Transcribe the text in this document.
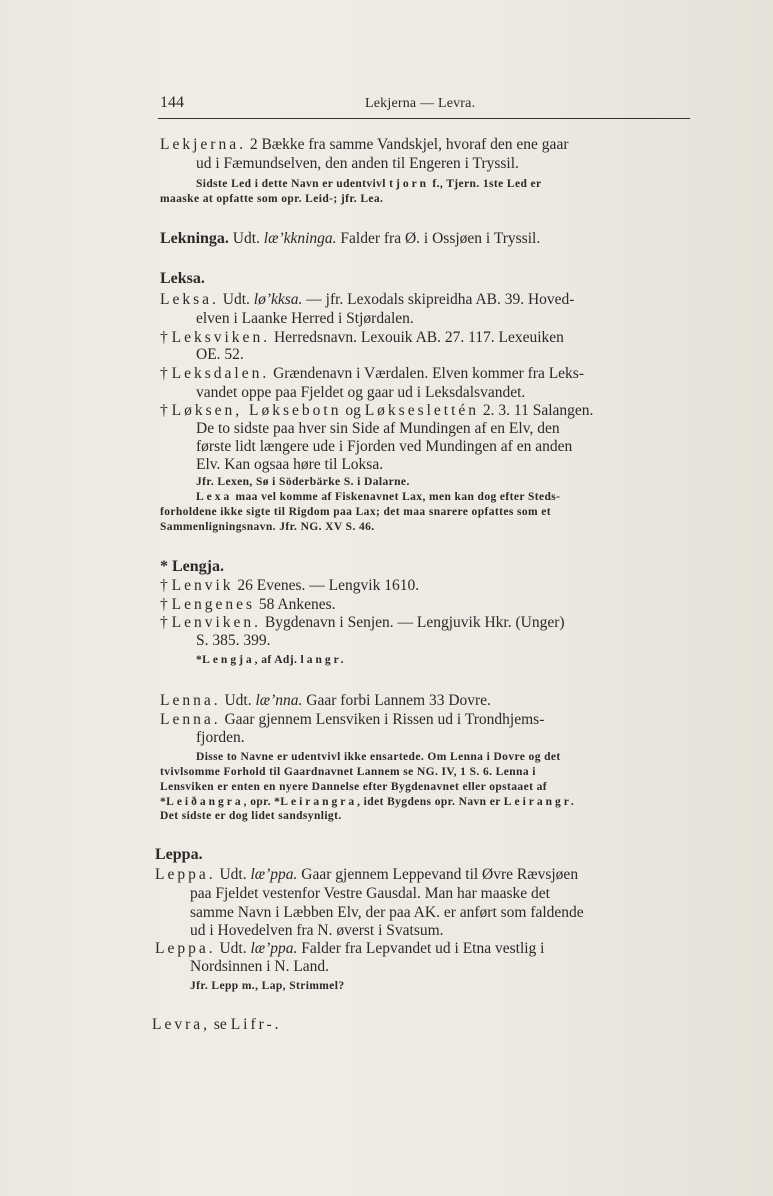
144	Lekjerna — Levra.
Lekjerna. 2 Bække fra samme Vandskjel, hvoraf den ene gaar
ud i Fæmundselven, den anden til Engeren i Tryssil.
Sidste Led i dette Navn er udentvivl tjorn f., Tjern. 1ste Led er
maaske at opfatte som opr. Leid-; jfr. Lea.
Lekninga. Udt. læ’kkninga. Falder fra Ø. i Ossjøen i Tryssil.
Leksa.
Leksa. Udt. lø’kksa. — jfr. Lexodals skipreidha AB. 39. Hoved-
elven i Laanke Herred i Stjørdalen.
† Leksviken. Herredsnavn. Lexouik AB. 27. 117. Lexeuiken
OE. 52.
† Leksdalen. Grændenavn i Værdalen. Elven kommer fra Leks-
vandet oppe paa Fjeldet og gaar ud i Leksdalsvandet.
† Løksen, Løksebotn og Løkseslettén 2. 3. 11 Salangen.
De to sidste paa hver sin Side af Mundingen af en Elv, den
første lidt længere ude i Fjorden ved Mundingen af en anden
Elv. Kan ogsaa høre til Loksa.
Jfr. Lexen, Sø i Söderbärke S. i Dalarne.
Lexa maa vel komme af Fiskenavnet Lax, men kan dog efter Steds-
forholdene ikke sigte til Rigdom paa Lax; det maa snarere opfattes som et
Sammenligningsnavn. Jfr. NG. XV S. 46.
* Lengja.
† Lenvik 26 Evenes. — Lengvik 1610.
† Lengenes 58 Ankenes.
† Lenviken. Bygdenavn i Senjen. — Lengjuvik Hkr. (Unger)
S. 385. 399.
*Lengja, af Adj. langr.
Lenna. Udt. læ’nna. Gaar forbi Lannem 33 Dovre.
Lenna. Gaar gjennem Lensviken i Rissen ud i Trondhjems-
fjorden.
Disse to Navne er udentvivl ikke ensartede. Om Lenna i Dovre og det
tvivlsomme Forhold til Gaardnavnet Lannem se NG. IV, 1 S. 6. Lenna i
Lensviken er enten en nyere Dannelse efter Bygdenavnet eller opstaaet af
*Leiðangra, opr. *Leirangra, idet Bygdens opr. Navn er Leirangr.
Det sidste er dog lidet sandsynligt.
Leppa.
Leppa. Udt. læ’ppa. Gaar gjennem Leppevand til Øvre Rævsjøen
paa Fjeldet vestenfor Vestre Gausdal. Man har maaske det
samme Navn i Læbben Elv, der paa AK. er anført som faldende
ud i Hovedelven fra N. øverst i Svatsum.
Leppa. Udt. læ’ppa. Falder fra Lepvandet ud i Etna vestlig i
Nordsinnen i N. Land.
Jfr. Lepp m., Lap, Strimmel?
Levra, se Lifr-.
